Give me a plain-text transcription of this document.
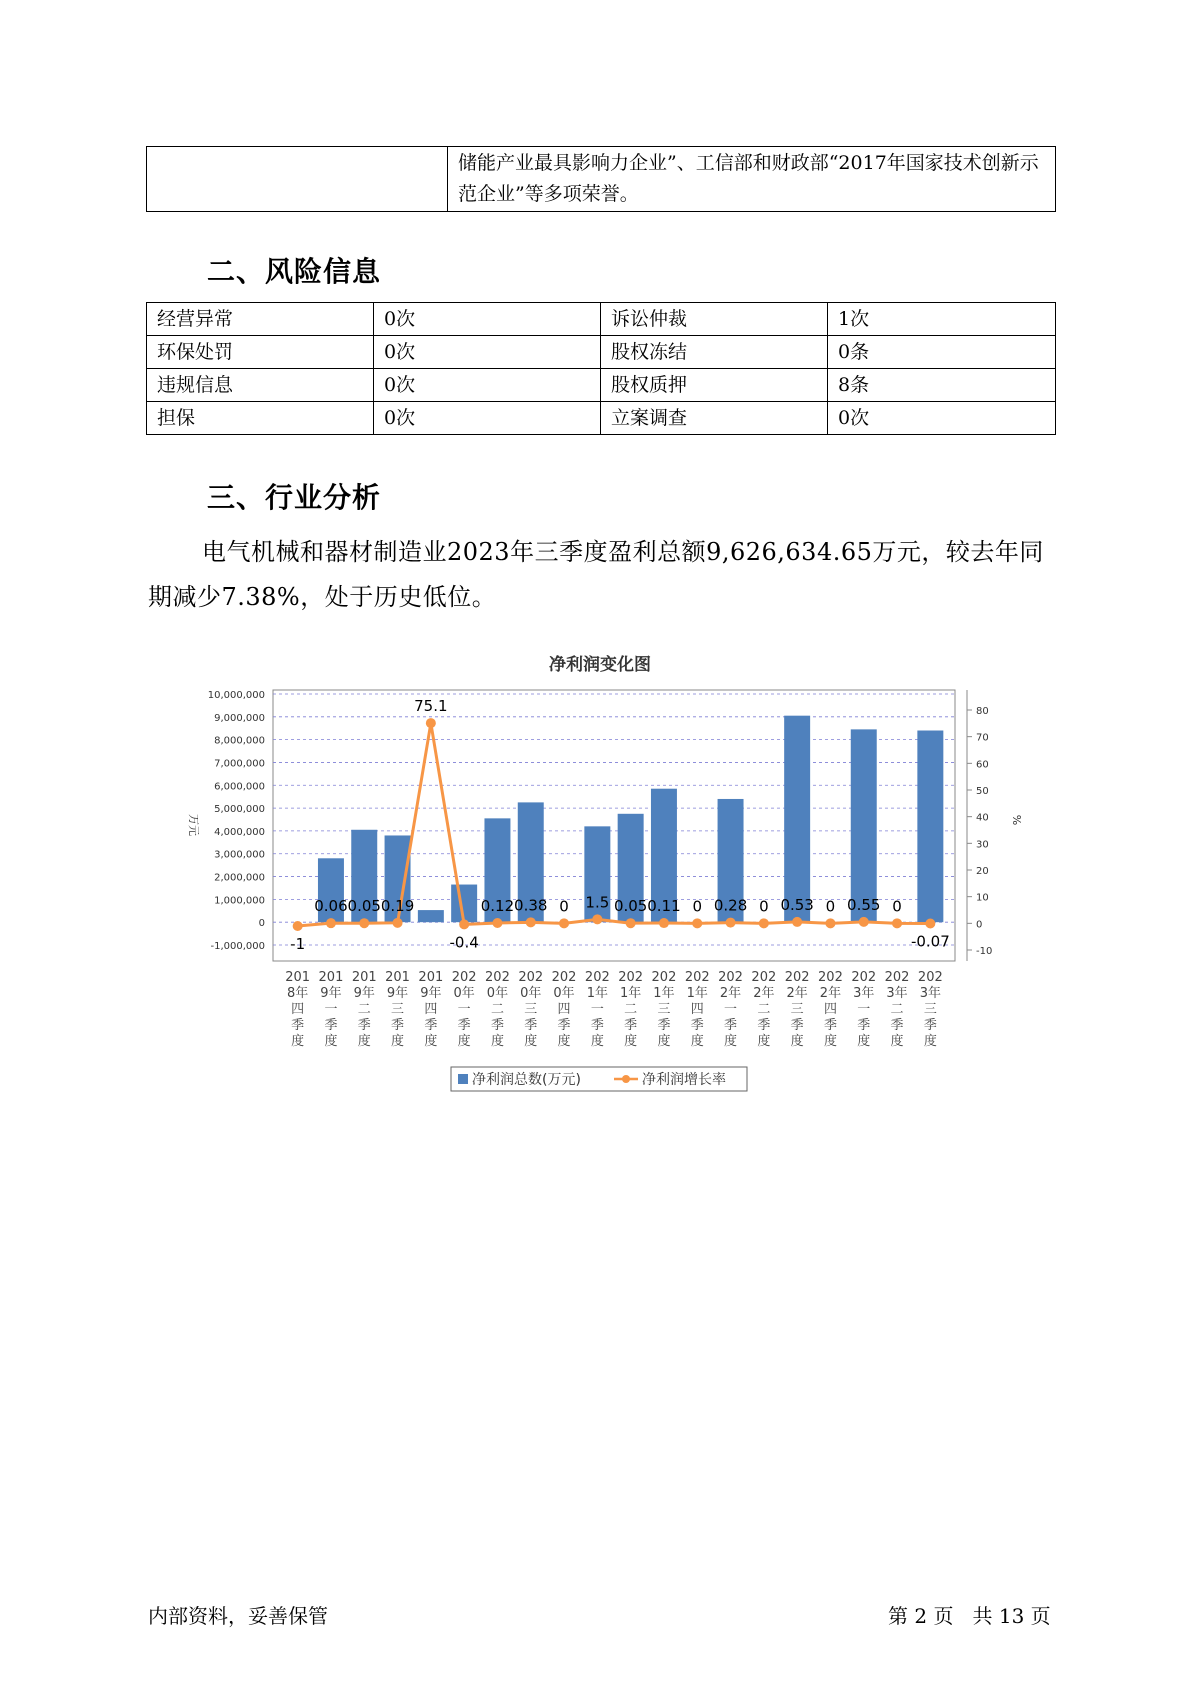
	储能产业最具影响力企业”、工信部和财政部“2017年国家技术创新示范企业”等多项荣誉。
二、风险信息
经营异常	0次	诉讼仲裁	1次
环保处罚	0次	股权冻结	0条
违规信息	0次	股权质押	8条
担保	0次	立案调查	0次
三、行业分析
电气机械和器材制造业2023年三季度盈利总额9,626,634.65万元，较去年同期减少7.38%，处于历史低位。
净利润变化图
万元	%
-1
0.06 0.05 0.19
75.1
-0.4
0.12 0.38 0 1.5 0.05 0.11 0 0.28 0 0.53 0 0.55 0
-0.07
10,000,000
9,000,000
8,000,000
7,000,000
6,000,000
5,000,000
4,000,000
3,000,000
2,000,000
1,000,000
0
-1,000,000
80
70
60
50
40
30
20
10
0
-10
201 8年四季度
201 9年一季度
201 9年二季度
201 9年三季度
201 9年四季度
202 0年一季度
202 0年二季度
202 0年三季度
202 0年四季度
202 1年一季度
202 1年二季度
202 1年三季度
202 1年四季度
202 2年一季度
202 2年二季度
202 2年三季度
202 2年四季度
202 3年一季度
202 3年二季度
202 3年三季度
净利润总数(万元)	净利润增长率
内部资料，妥善保管	第 2 页   共 13 页
